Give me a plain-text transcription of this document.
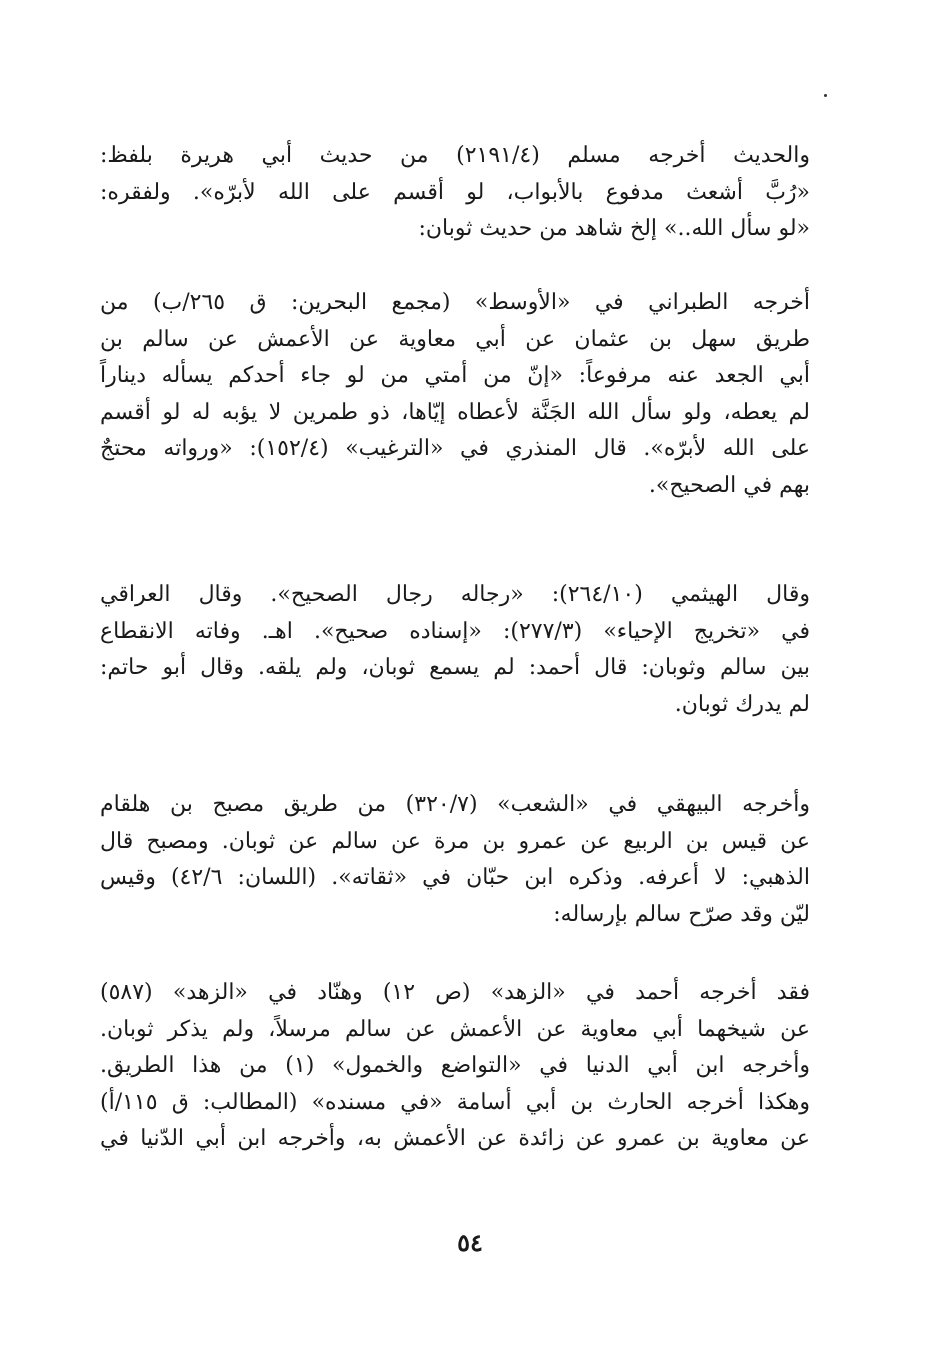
والحديث أخرجه مسلم (٢١٩١/٤) من حديث أبي هريرة بلفظ:
«رُبَّ أشعث مدفوع بالأبواب، لو أقسم على الله لأبرّه». ولفقره:
«لو سأل الله..» إلخ شاهد من حديث ثوبان:
أخرجه الطبراني في «الأوسط» (مجمع البحرين: ق ٢٦٥/ب) من
طريق سهل بن عثمان عن أبي معاوية عن الأعمش عن سالم بن
أبي الجعد عنه مرفوعاً: «إنّ من أمتي من لو جاء أحدكم يسأله ديناراً
لم يعطه، ولو سأل الله الجَنَّة لأعطاه إيّاها، ذو طمرين لا يؤبه له لو أقسم
على الله لأبرّه». قال المنذري في «الترغيب» (١٥٢/٤): «ورواته محتجٌ
بهم في الصحيح».
وقال الهيثمي (٢٦٤/١٠): «رجاله رجال الصحيح». وقال العراقي
في «تخريج الإحياء» (٢٧٧/٣): «إسناده صحيح». اهـ. وفاته الانقطاع
بين سالم وثوبان: قال أحمد: لم يسمع ثوبان، ولم يلقه. وقال أبو حاتم:
لم يدرك ثوبان.
وأخرجه البيهقي في «الشعب» (٣٢٠/٧) من طريق مصبح بن هلقام
عن قيس بن الربيع عن عمرو بن مرة عن سالم عن ثوبان. ومصبح قال
الذهبي: لا أعرفه. وذكره ابن حبّان في «ثقاته». (اللسان: ٤٢/٦) وقيس
ليّن وقد صرّح سالم بإرساله:
فقد أخرجه أحمد في «الزهد» (ص ١٢) وهنّاد في «الزهد» (٥٨٧)
عن شيخهما أبي معاوية عن الأعمش عن سالم مرسلاً، ولم يذكر ثوبان.
وأخرجه ابن أبي الدنيا في «التواضع والخمول» (١) من هذا الطريق.
وهكذا أخرجه الحارث بن أبي أسامة «في مسنده» (المطالب: ق ١١٥/أ)
عن معاوية بن عمرو عن زائدة عن الأعمش به، وأخرجه ابن أبي الدّنيا في
٥٤
